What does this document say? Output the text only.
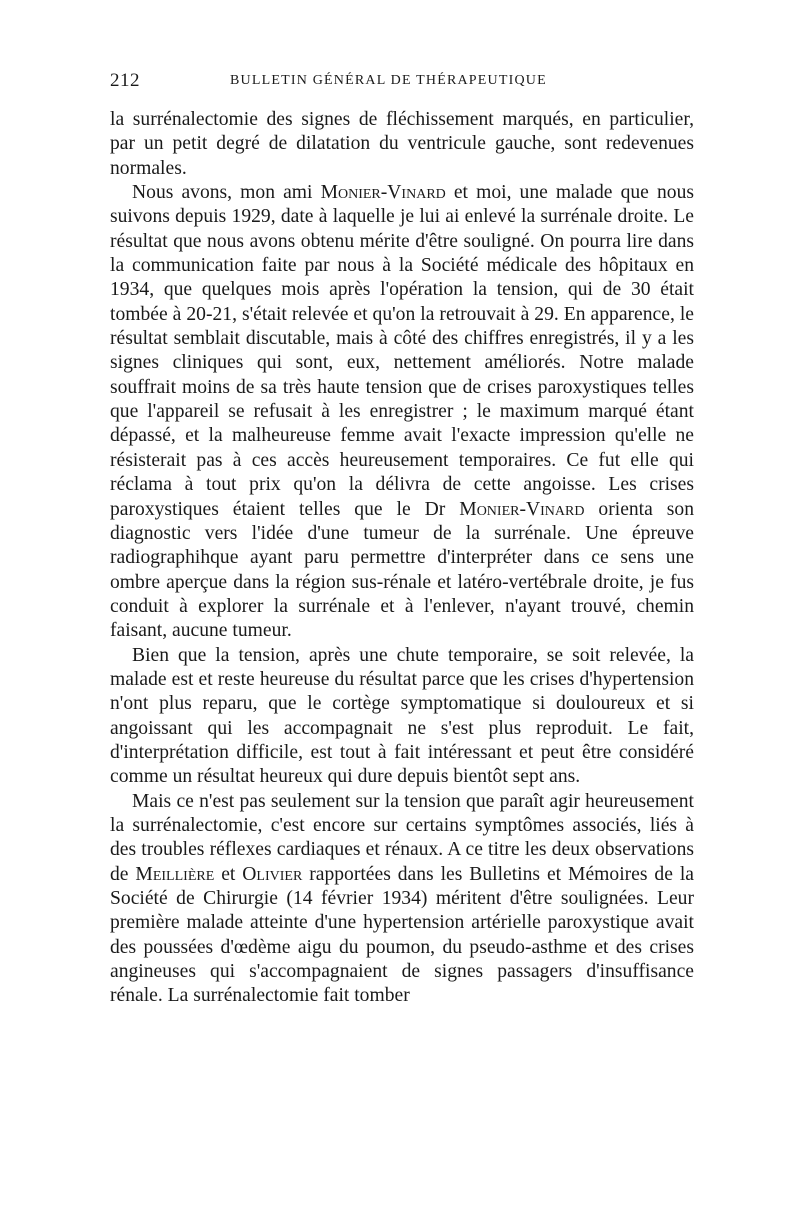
212	BULLETIN GÉNÉRAL DE THÉRAPEUTIQUE

la surrénalectomie des signes de fléchissement marqués, en particulier, par un petit degré de dilatation du ventricule gauche, sont redevenues normales.

Nous avons, mon ami Monier-Vinard et moi, une malade que nous suivons depuis 1929, date à laquelle je lui ai enlevé la surrénale droite. Le résultat que nous avons obtenu mérite d'être souligné. On pourra lire dans la communication faite par nous à la Société médicale des hôpitaux en 1934, que quelques mois après l'opération la tension, qui de 30 était tombée à 20-21, s'était relevée et qu'on la retrouvait à 29. En apparence, le résultat semblait discutable, mais à côté des chiffres enregistrés, il y a les signes cliniques qui sont, eux, nettement améliorés. Notre malade souffrait moins de sa très haute tension que de crises paroxystiques telles que l'appareil se refusait à les enregistrer ; le maximum marqué étant dépassé, et la malheureuse femme avait l'exacte impression qu'elle ne résisterait pas à ces accès heureusement temporaires. Ce fut elle qui réclama à tout prix qu'on la délivra de cette angoisse. Les crises paroxystiques étaient telles que le Dr Monier-Vinard orienta son diagnostic vers l'idée d'une tumeur de la surrénale. Une épreuve radiographihque ayant paru permettre d'interpréter dans ce sens une ombre aperçue dans la région sus-rénale et latéro-vertébrale droite, je fus conduit à explorer la surrénale et à l'enlever, n'ayant trouvé, chemin faisant, aucune tumeur.

Bien que la tension, après une chute temporaire, se soit relevée, la malade est et reste heureuse du résultat parce que les crises d'hypertension n'ont plus reparu, que le cortège symptomatique si douloureux et si angoissant qui les accompagnait ne s'est plus reproduit. Le fait, d'interprétation difficile, est tout à fait intéressant et peut être considéré comme un résultat heureux qui dure depuis bientôt sept ans.

Mais ce n'est pas seulement sur la tension que paraît agir heureusement la surrénalectomie, c'est encore sur certains symptômes associés, liés à des troubles réflexes cardiaques et rénaux. A ce titre les deux observations de Meillière et Olivier rapportées dans les Bulletins et Mémoires de la Société de Chirurgie (14 février 1934) méritent d'être soulignées. Leur première malade atteinte d'une hypertension artérielle paroxystique avait des poussées d'œdème aigu du poumon, du pseudo-asthme et des crises angineuses qui s'accompagnaient de signes passagers d'insuffisance rénale. La surrénalectomie fait tomber
